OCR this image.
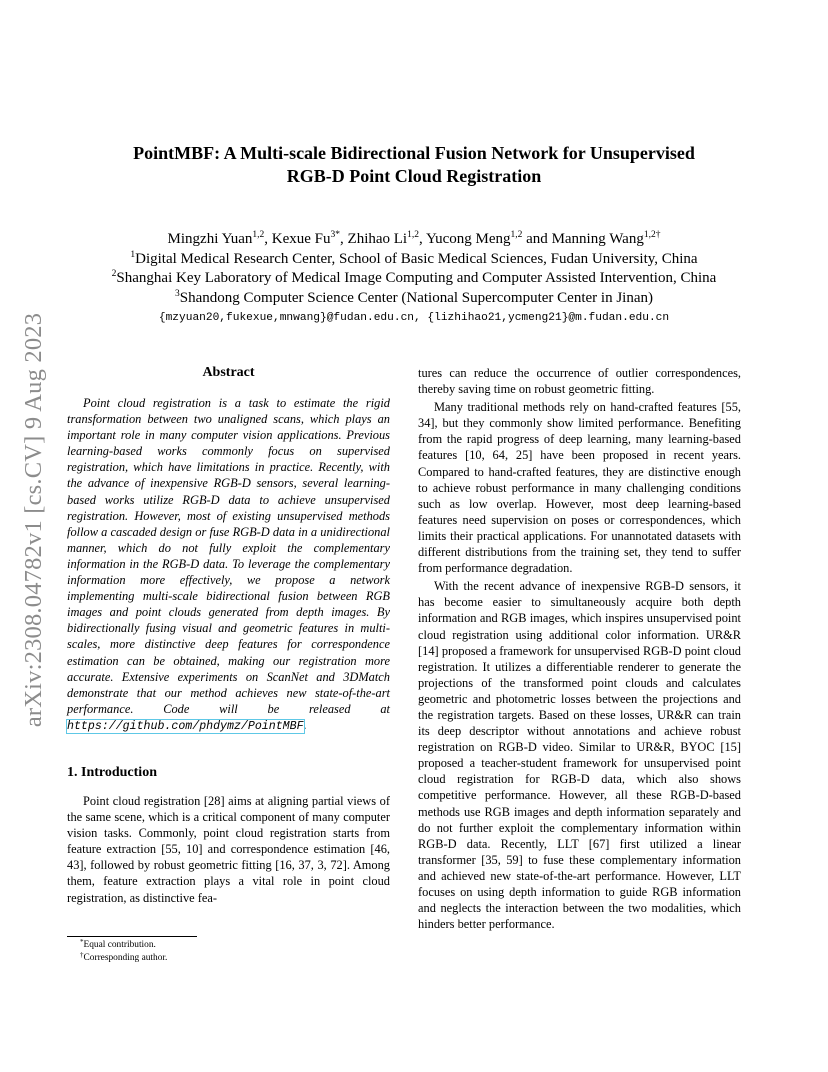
arXiv:2308.04782v1 [cs.CV] 9 Aug 2023
PointMBF: A Multi-scale Bidirectional Fusion Network for Unsupervised
RGB-D Point Cloud Registration
Mingzhi Yuan$^{1,2}$, Kexue $Fu^{3*}$, Zhihao Li$^{1,2}$, Yucong Meng$^{1,2}$ and Manning Wang$^{1,2\dagger}$
$^1$Digital Medical Research Center, School of Basic Medical Sciences, Fudan University, China
$^2$Shanghai Key Laboratory of Medical Image Computing and Computer Assisted Intervention, China
$^3$Shandong Computer Science Center (National Supercomputer Center in Jinan)
{mzyuan20,fukexue,mnwang}@fudan.edu.cn, {lizhihao21,ycmeng21}@m.fudan.edu.cn
Abstract

Point cloud registration is a task to estimate the rigid transformation between two unaligned scans, which plays an important role in many computer vision applications. Previous learning-based works commonly focus on supervised registration, which have limitations in practice. Recently, with the advance of inexpensive RGB-D sensors, several learning-based works utilize RGB-D data to achieve unsupervised registration. However, most of existing unsupervised methods follow a cascaded design or fuse RGB-D data in a unidirectional manner, which do not fully exploit the complementary information in the RGB-D data. To leverage the complementary information more effectively, we propose a network implementing multi-scale bidirectional fusion between RGB images and point clouds generated from depth images. By bidirectionally fusing visual and geometric features in multi-scales, more distinctive deep features for correspondence estimation can be obtained, making our registration more accurate. Extensive experiments on ScanNet and 3DMatch demonstrate that our method achieves new state-of-the-art performance. Code will be released at https://github.com/phdymz/PointMBF.

1. Introduction

Point cloud registration [28] aims at aligning partial views of the same scene, which is a critical component of many computer vision tasks. Commonly, point cloud registration starts from feature extraction [55, 10] and correspondence estimation [46, 43], followed by robust geometric fitting [16, 37, 3, 72]. Among them, feature extraction plays a vital role in point cloud registration, as distinctive fea-

tures can reduce the occurrence of outlier correspondences, thereby saving time on robust geometric fitting.

Many traditional methods rely on hand-crafted features [55, 34], but they commonly show limited performance. Benefiting from the rapid progress of deep learning, many learning-based features [10, 64, 25] have been proposed in recent years. Compared to hand-crafted features, they are distinctive enough to achieve robust performance in many challenging conditions such as low overlap. However, most deep learning-based features need supervision on poses or correspondences, which limits their practical applications. For unannotated datasets with different distributions from the training set, they tend to suffer from performance degradation.

With the recent advance of inexpensive RGB-D sensors, it has become easier to simultaneously acquire both depth information and RGB images, which inspires unsupervised point cloud registration using additional color information. UR&R [14] proposed a framework for unsupervised RGB-D point cloud registration. It utilizes a differentiable renderer to generate the projections of the transformed point clouds and calculates geometric and photometric losses between the projections and the registration targets. Based on these losses, UR&R can train its deep descriptor without annotations and achieve robust registration on RGB-D video. Similar to UR&R, BYOC [15] proposed a teacher-student framework for unsupervised point cloud registration for RGB-D data, which also shows competitive performance. However, all these RGB-D-based methods use RGB images and depth information separately and do not further exploit the complementary information within RGB-D data. Recently, LLT [67] first utilized a linear transformer [35, 59] to fuse these complementary information and achieved new state-of-the-art performance. However, LLT focuses on using depth information to guide RGB information and neglects the interaction between the two modalities, which hinders better performance.

*Equal contribution.
†Corresponding author.
